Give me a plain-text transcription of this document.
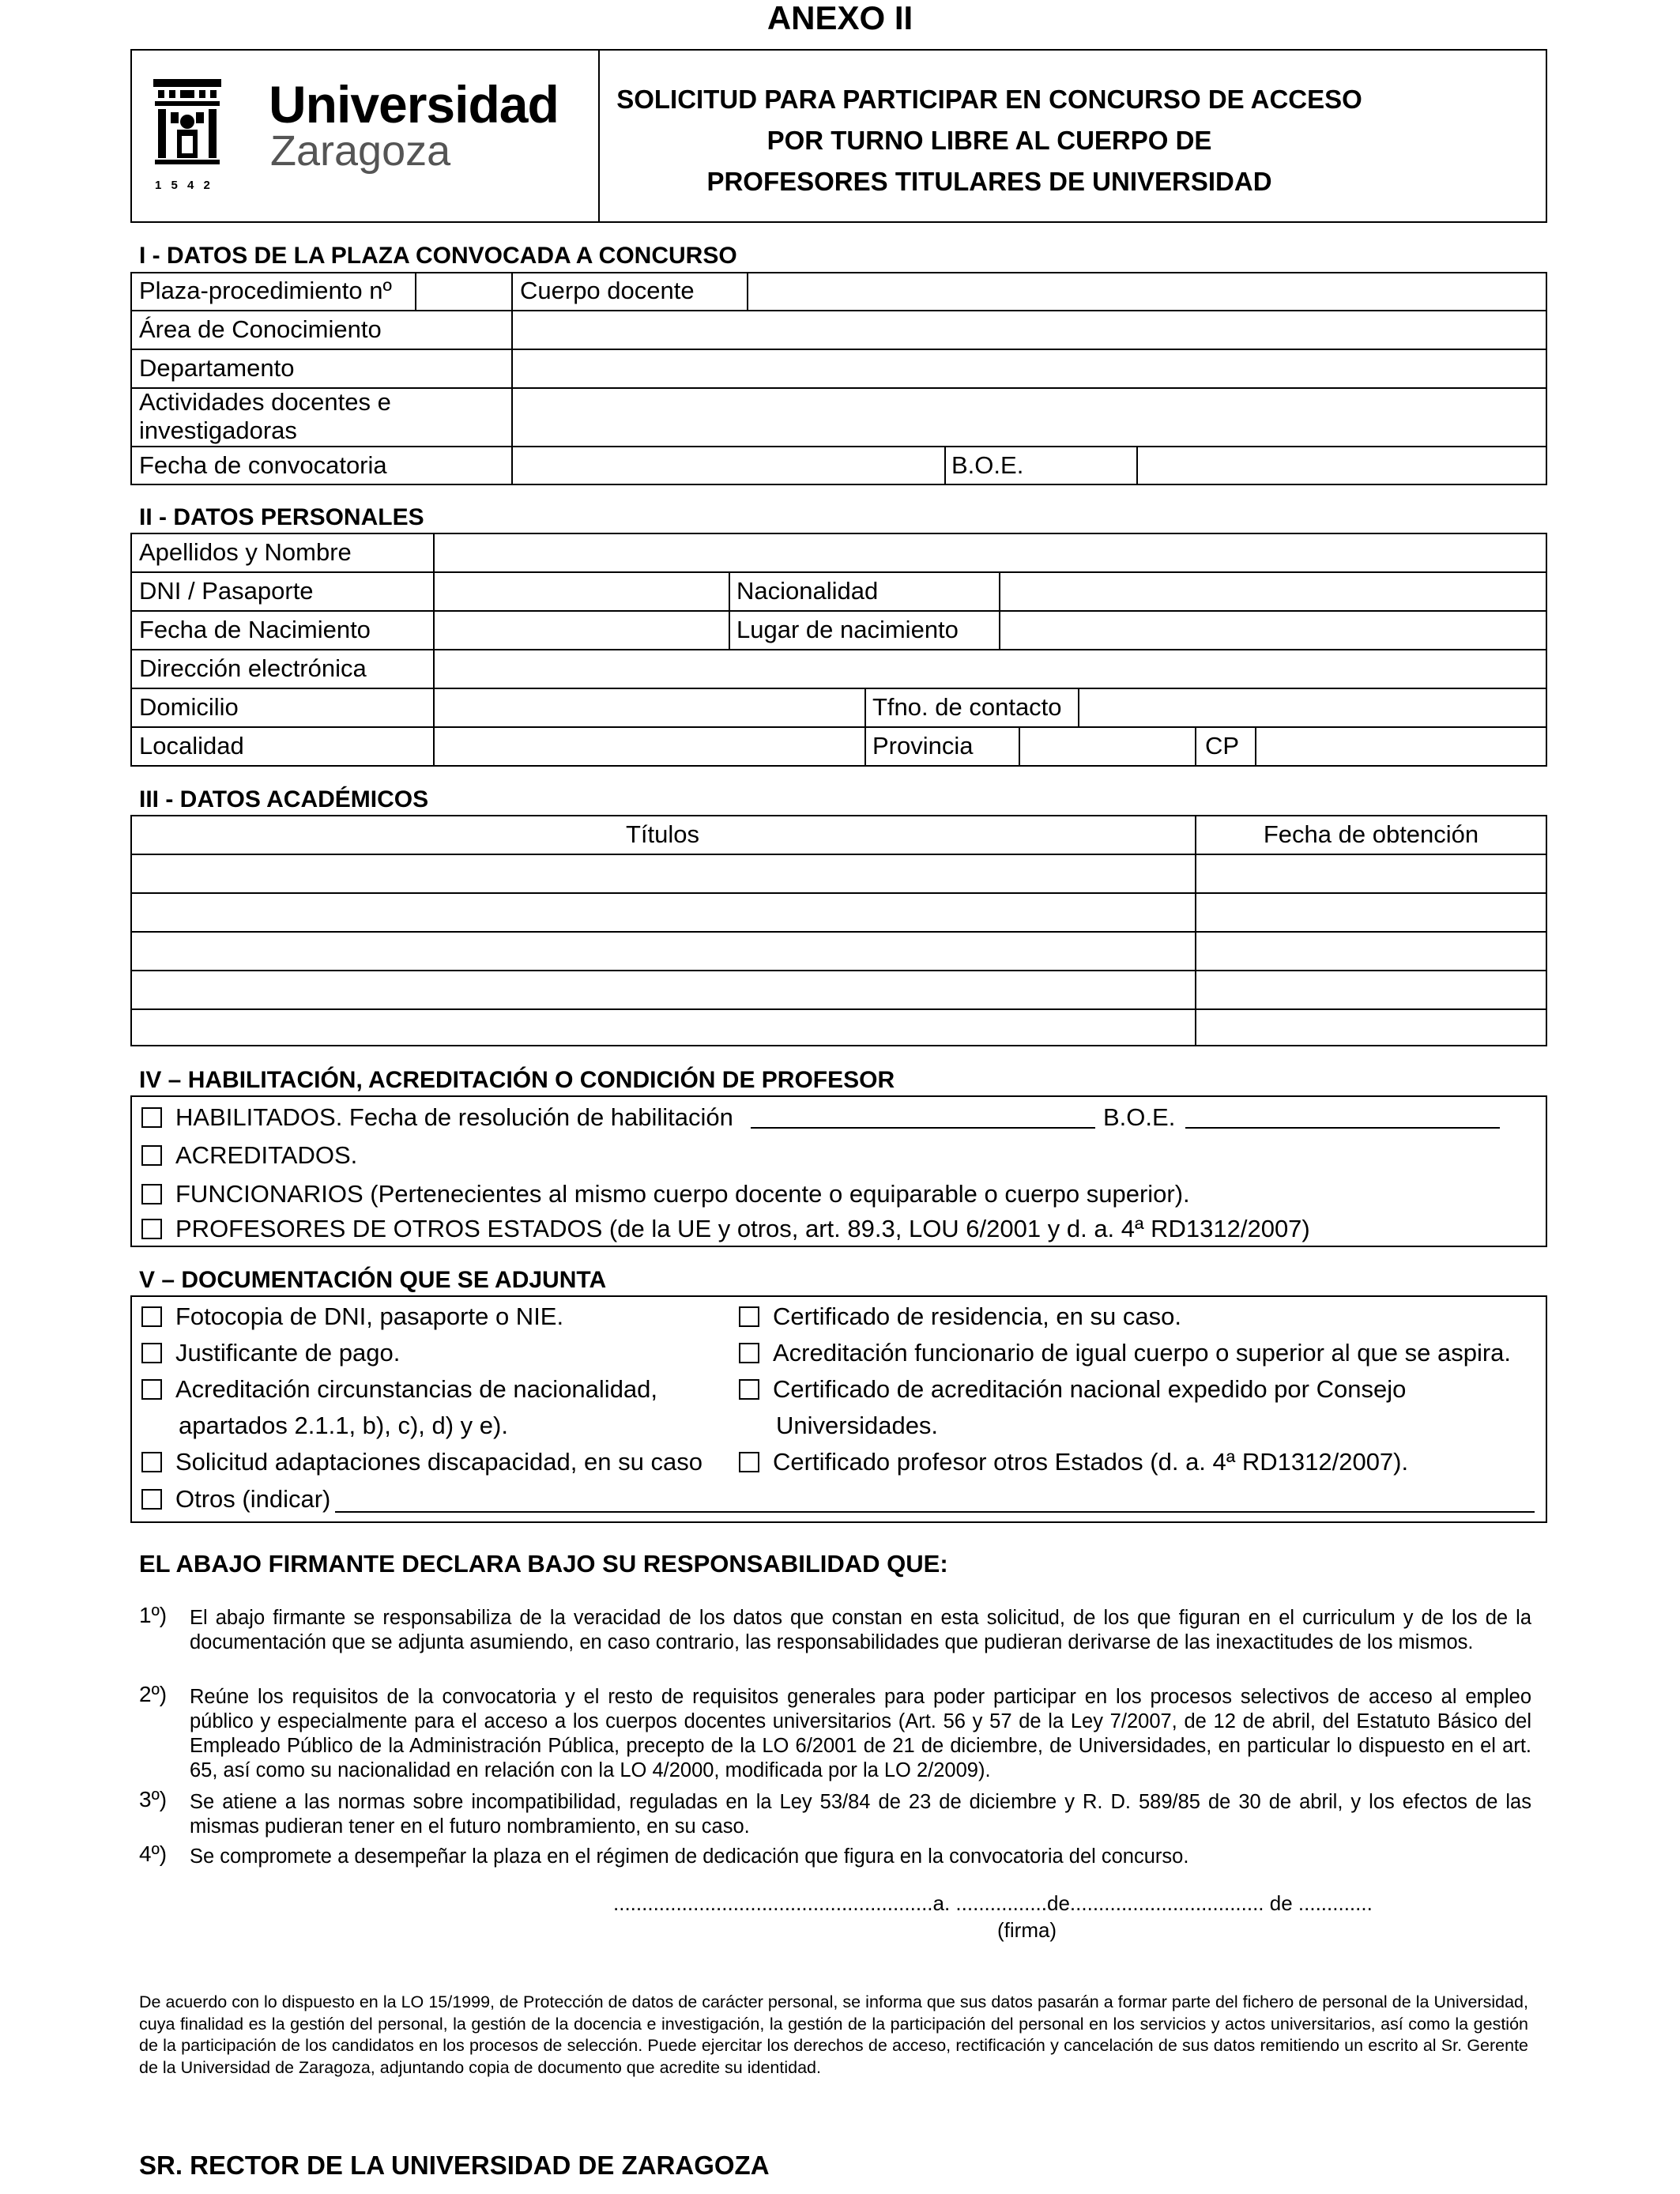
ANEXO II
1 5 4 2
Universidad
Zaragoza
SOLICITUD PARA PARTICIPAR EN CONCURSO DE ACCESO
POR TURNO LIBRE AL CUERPO DE
PROFESORES TITULARES DE UNIVERSIDAD
I - DATOS DE LA PLAZA CONVOCADA A CONCURSO
Plaza-procedimiento nº	Cuerpo docente
Área de Conocimiento
Departamento
Actividades docentes e
investigadoras
Fecha de convocatoria	B.O.E.
II - DATOS PERSONALES
Apellidos y Nombre
DNI / Pasaporte	Nacionalidad
Fecha de Nacimiento	Lugar de nacimiento
Dirección electrónica
Domicilio	Tfno. de contacto
Localidad	Provincia	CP
III - DATOS ACADÉMICOS
Títulos	Fecha de obtención
IV – HABILITACIÓN, ACREDITACIÓN O CONDICIÓN DE PROFESOR
HABILITADOS. Fecha de resolución de habilitación	B.O.E.
ACREDITADOS.
FUNCIONARIOS (Pertenecientes al mismo cuerpo docente o equiparable o cuerpo superior).
PROFESORES DE OTROS ESTADOS (de la UE y otros, art. 89.3, LOU 6/2001 y d. a. 4ª RD1312/2007)
V – DOCUMENTACIÓN QUE SE ADJUNTA
Fotocopia de DNI, pasaporte o NIE.
Justificante de pago.
Acreditación circunstancias de nacionalidad,
apartados 2.1.1, b), c), d) y e).
Solicitud adaptaciones discapacidad, en su caso
Otros (indicar)
Certificado de residencia, en su caso.
Acreditación funcionario de igual cuerpo o superior al que se aspira.
Certificado de acreditación nacional expedido por Consejo
Universidades.
Certificado profesor otros Estados (d. a. 4ª RD1312/2007).
EL ABAJO FIRMANTE DECLARA BAJO SU RESPONSABILIDAD QUE:
1º) El abajo firmante se responsabiliza de la veracidad de los datos que constan en esta solicitud, de los que figuran en el curriculum y de los de la documentación que se adjunta asumiendo, en caso contrario, las responsabilidades que pudieran derivarse de las inexactitudes de los mismos.
2º) Reúne los requisitos de la convocatoria y el resto de requisitos generales para poder participar en los procesos selectivos de acceso al empleo público y especialmente para el acceso a los cuerpos docentes universitarios (Art. 56 y 57 de la Ley 7/2007, de 12 de abril, del Estatuto Básico del Empleado Público de la Administración Pública, precepto de la LO 6/2001 de 21 de diciembre, de Universidades, en particular lo dispuesto en el art. 65, así como su nacionalidad en relación con la LO 4/2000, modificada por la LO 2/2009).
3º) Se atiene a las normas sobre incompatibilidad, reguladas en la Ley 53/84 de 23 de diciembre y R. D. 589/85 de 30 de abril, y los efectos de las mismas pudieran tener en el futuro nombramiento, en su caso.
4º) Se compromete a desempeñar la plaza en el régimen de dedicación que figura en la convocatoria del concurso.
........................................................a. ................de.................................. de .............
(firma)
De acuerdo con lo dispuesto en la LO 15/1999, de Protección de datos de carácter personal, se informa que sus datos pasarán a formar parte del fichero de personal de la Universidad, cuya finalidad es la gestión del personal, la gestión de la docencia e investigación, la gestión de la participación del personal en los servicios y actos universitarios, así como la gestión de la participación de los candidatos en los procesos de selección. Puede ejercitar los derechos de acceso, rectificación y cancelación de sus datos remitiendo un escrito al Sr. Gerente de la Universidad de Zaragoza, adjuntando copia de documento que acredite su identidad.
SR. RECTOR DE LA UNIVERSIDAD DE ZARAGOZA
